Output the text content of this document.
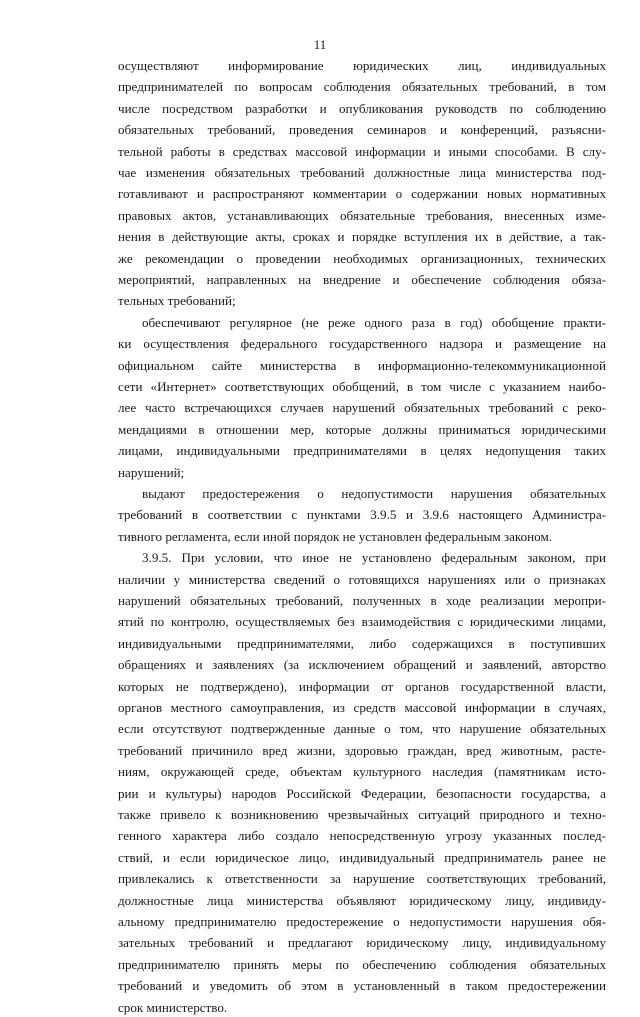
11
осуществляют информирование юридических лиц, индивидуальных
предпринимателей по вопросам соблюдения обязательных требований, в том
числе посредством разработки и опубликования руководств по соблюдению
обязательных требований, проведения семинаров и конференций, разъясни-
тельной работы в средствах массовой информации и иными способами. В слу-
чае изменения обязательных требований должностные лица министерства под-
готавливают и распространяют комментарии о содержании новых нормативных
правовых актов, устанавливающих обязательные требования, внесенных изме-
нения в действующие акты, сроках и порядке вступления их в действие, а так-
же рекомендации о проведении необходимых организационных, технических
мероприятий, направленных на внедрение и обеспечение соблюдения обяза-
тельных требований;
обеспечивают регулярное (не реже одного раза в год) обобщение практи-
ки осуществления федерального государственного надзора и размещение на
официальном сайте министерства в информационно-телекоммуникационной
сети «Интернет» соответствующих обобщений, в том числе с указанием наибо-
лее часто встречающихся случаев нарушений обязательных требований с реко-
мендациями в отношении мер, которые должны приниматься юридическими
лицами, индивидуальными предпринимателями в целях недопущения таких
нарушений;
выдают предостережения о недопустимости нарушения обязательных
требований в соответствии с пунктами 3.9.5 и 3.9.6 настоящего Администра-
тивного регламента, если иной порядок не установлен федеральным законом.
3.9.5. При условии, что иное не установлено федеральным законом, при
наличии у министерства сведений о готовящихся нарушениях или о признаках
нарушений обязательных требований, полученных в ходе реализации меропри-
ятий по контролю, осуществляемых без взаимодействия с юридическими лицами,
индивидуальными предпринимателями, либо содержащихся в поступивших
обращениях и заявлениях (за исключением обращений и заявлений, авторство
которых не подтверждено), информации от органов государственной власти,
органов местного самоуправления, из средств массовой информации в случаях,
если отсутствуют подтвержденные данные о том, что нарушение обязательных
требований причинило вред жизни, здоровью граждан, вред животным, расте-
ниям, окружающей среде, объектам культурного наследия (памятникам исто-
рии и культуры) народов Российской Федерации, безопасности государства, а
также привело к возникновению чрезвычайных ситуаций природного и техно-
генного характера либо создало непосредственную угрозу указанных послед-
ствий, и если юридическое лицо, индивидуальный предприниматель ранее не
привлекались к ответственности за нарушение соответствующих требований,
должностные лица министерства объявляют юридическому лицу, индивиду-
альному предпринимателю предостережение о недопустимости нарушения обя-
зательных требований и предлагают юридическому лицу, индивидуальному
предпринимателю принять меры по обеспечению соблюдения обязательных
требований и уведомить об этом в установленный в таком предостережении
срок министерство.
